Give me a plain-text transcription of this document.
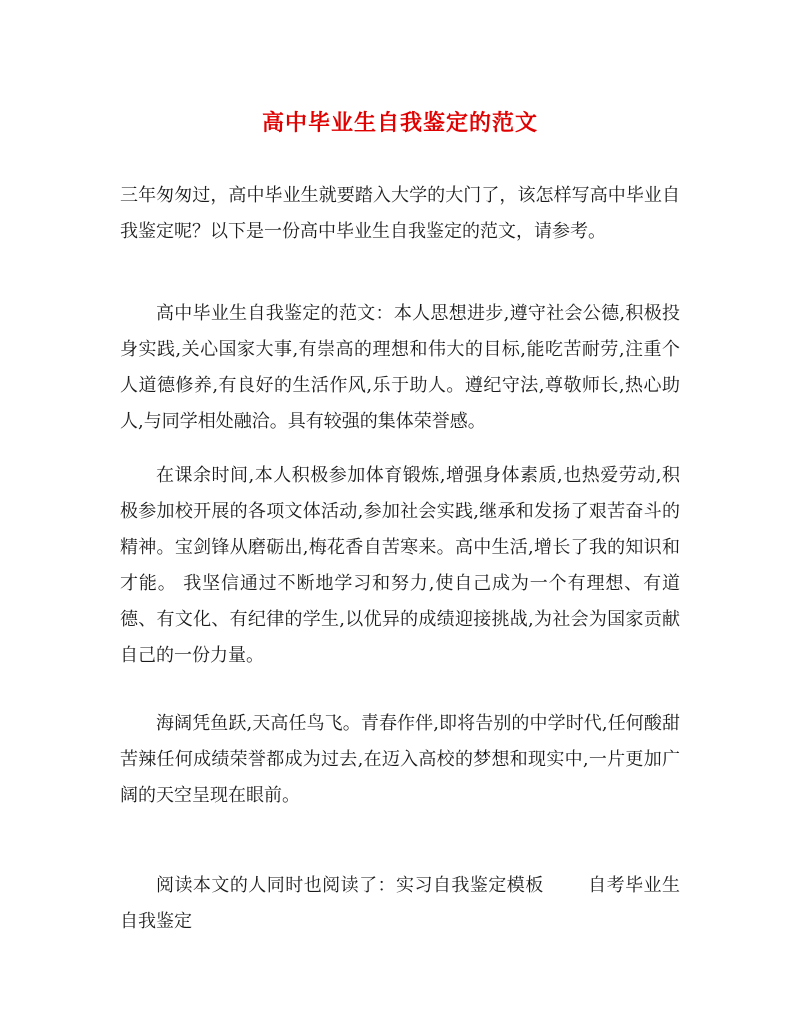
高中毕业生自我鉴定的范文

三年匆匆过，高中毕业生就要踏入大学的大门了，该怎样写高中毕业自我鉴定呢？以下是一份高中毕业生自我鉴定的范文，请参考。

高中毕业生自我鉴定的范文：本人思想进步,遵守社会公德,积极投身实践,关心国家大事,有崇高的理想和伟大的目标,能吃苦耐劳,注重个人道德修养,有良好的生活作风,乐于助人。遵纪守法,尊敬师长,热心助人,与同学相处融洽。具有较强的集体荣誉感。

在课余时间,本人积极参加体育锻炼,增强身体素质,也热爱劳动,积极参加校开展的各项文体活动,参加社会实践,继承和发扬了艰苦奋斗的精神。宝剑锋从磨砺出,梅花香自苦寒来。高中生活,增长了我的知识和才能。 我坚信通过不断地学习和努力,使自己成为一个有理想、有道德、有文化、有纪律的学生,以优异的成绩迎接挑战,为社会为国家贡献自己的一份力量。

海阔凭鱼跃,天高任鸟飞。青春作伴,即将告别的中学时代,任何酸甜苦辣任何成绩荣誉都成为过去,在迈入高校的梦想和现实中,一片更加广阔的天空呈现在眼前。

阅读本文的人同时也阅读了：实习自我鉴定模板 自考毕业生自我鉴定
